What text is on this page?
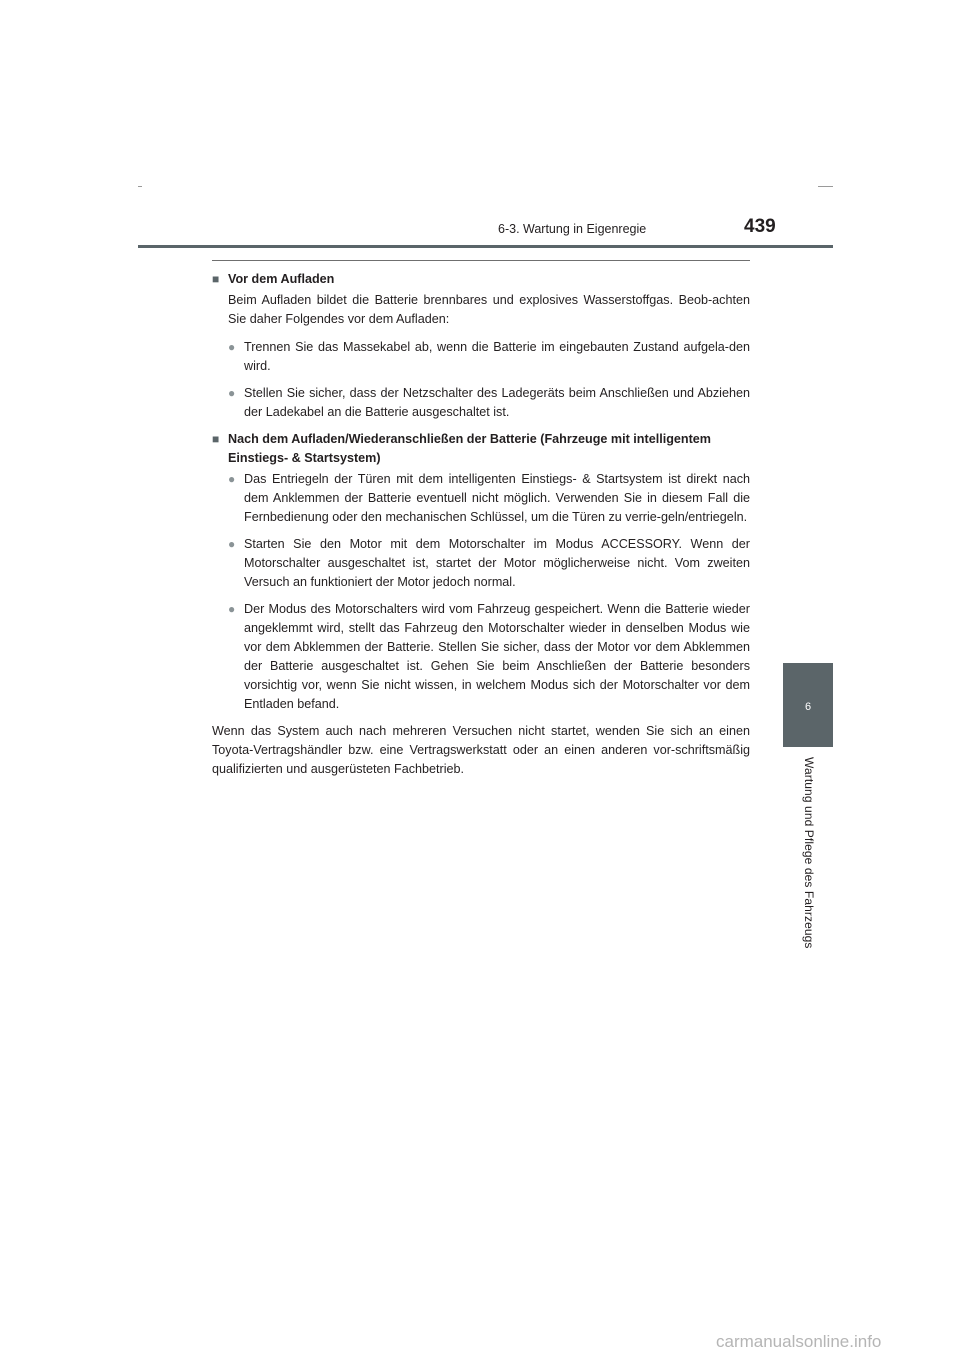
6-3. Wartung in Eigenregie	439
■ Vor dem Aufladen
Beim Aufladen bildet die Batterie brennbares und explosives Wasserstoffgas. Beob-achten Sie daher Folgendes vor dem Aufladen:
● Trennen Sie das Massekabel ab, wenn die Batterie im eingebauten Zustand aufgela-den wird.
● Stellen Sie sicher, dass der Netzschalter des Ladegeräts beim Anschließen und Abziehen der Ladekabel an die Batterie ausgeschaltet ist.
■ Nach dem Aufladen/Wiederanschließen der Batterie (Fahrzeuge mit intelligentem Einstiegs- & Startsystem)
● Das Entriegeln der Türen mit dem intelligenten Einstiegs- & Startsystem ist direkt nach dem Anklemmen der Batterie eventuell nicht möglich. Verwenden Sie in diesem Fall die Fernbedienung oder den mechanischen Schlüssel, um die Türen zu verrie-geln/entriegeln.
● Starten Sie den Motor mit dem Motorschalter im Modus ACCESSORY. Wenn der Motorschalter ausgeschaltet ist, startet der Motor möglicherweise nicht. Vom zweiten Versuch an funktioniert der Motor jedoch normal.
● Der Modus des Motorschalters wird vom Fahrzeug gespeichert. Wenn die Batterie wieder angeklemmt wird, stellt das Fahrzeug den Motorschalter wieder in denselben Modus wie vor dem Abklemmen der Batterie. Stellen Sie sicher, dass der Motor vor dem Abklemmen der Batterie ausgeschaltet ist. Gehen Sie beim Anschließen der Batterie besonders vorsichtig vor, wenn Sie nicht wissen, in welchem Modus sich der Motorschalter vor dem Entladen befand.
Wenn das System auch nach mehreren Versuchen nicht startet, wenden Sie sich an einen Toyota-Vertragshändler bzw. eine Vertragswerkstatt oder an einen anderen vor-schriftsmäßig qualifizierten und ausgerüsteten Fachbetrieb.
6
Wartung und Pflege des Fahrzeugs
carmanualsonline.info
